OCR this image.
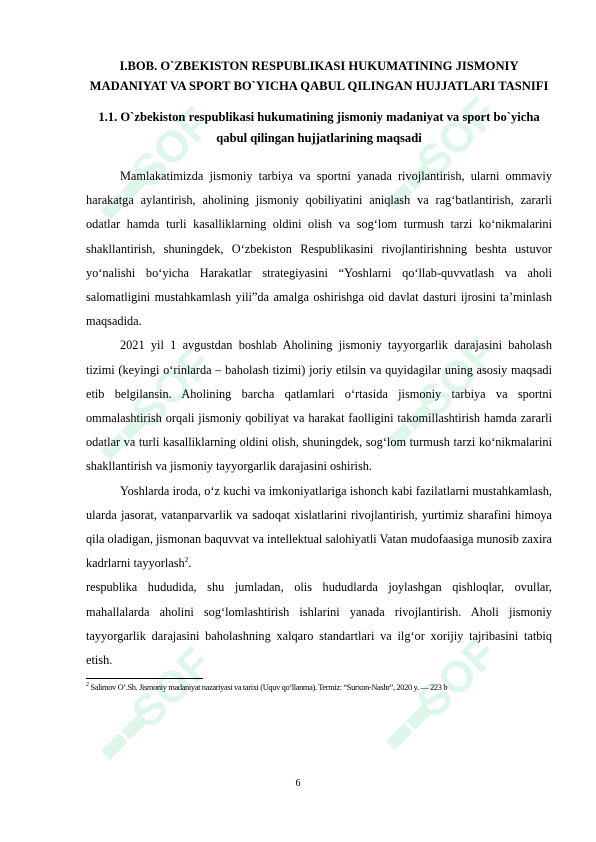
I.BOB. O`ZBEKISTON RESPUBLIKASI HUKUMATINING JISMONIY MADANIYAT VA SPORT BO`YICHA QABUL QILINGAN HUJJATLARI TASNIFI

1.1. O`zbekiston respublikasi hukumatining jismoniy madaniyat va sport bo`yicha qabul qilingan hujjatlarining maqsadi

Mamlakatimizda jismoniy tarbiya va sportni yanada rivojlantirish, ularni ommaviy harakatga aylantirish, aholining jismoniy qobiliyatini aniqlash va rag‘batlantirish, zararli odatlar hamda turli kasalliklarning oldini olish va sog‘lom turmush tarzi ko‘nikmalarini shakllantirish, shuningdek, O‘zbekiston Respublikasini rivojlantirishning beshta ustuvor yo‘nalishi bo‘yicha Harakatlar strategiyasini “Yoshlarni qo‘llab-quvvatlash va aholi salomatligini mustahkamlash yili”da amalga oshirishga oid davlat dasturi ijrosini ta’minlash maqsadida.

2021 yil 1 avgustdan boshlab Aholining jismoniy tayyorgarlik darajasini baholash tizimi (keyingi o‘rinlarda – baholash tizimi) joriy etilsin va quyidagilar uning asosiy maqsadi etib belgilansin. Aholining barcha qatlamlari o‘rtasida jismoniy tarbiya va sportni ommalashtirish orqali jismoniy qobiliyat va harakat faolligini takomillashtirish hamda zararli odatlar va turli kasalliklarning oldini olish, shuningdek, sog‘lom turmush tarzi ko‘nikmalarini shakllantirish va jismoniy tayyorgarlik darajasini oshirish.

Yoshlarda iroda, o‘z kuchi va imkoniyatlariga ishonch kabi fazilatlarni mustahkamlash, ularda jasorat, vatanparvarlik va sadoqat xislatlarini rivojlantirish, yurtimiz sharafini himoya qila oladigan, jismonan baquvvat va intellektual salohiyatli Vatan mudofaasiga munosib zaxira kadrlarni tayyorlash$^2$.

respublika hududida, shu jumladan, olis hududlarda joylashgan qishloqlar, ovullar, mahallalarda aholini sog‘lomlashtirish ishlarini yanada rivojlantirish. Aholi jismoniy tayyorgarlik darajasini baholashning xalqaro standartlari va ilg‘or xorijiy tajribasini tatbiq etish.

$^2$ Salimov O’.Sh. Jismoniy madaniyat nazariyasi va tarixi (Uquv qo’llanma). Termiz: “Surxon-Nashr”, 2020 y. — 223 b

6
